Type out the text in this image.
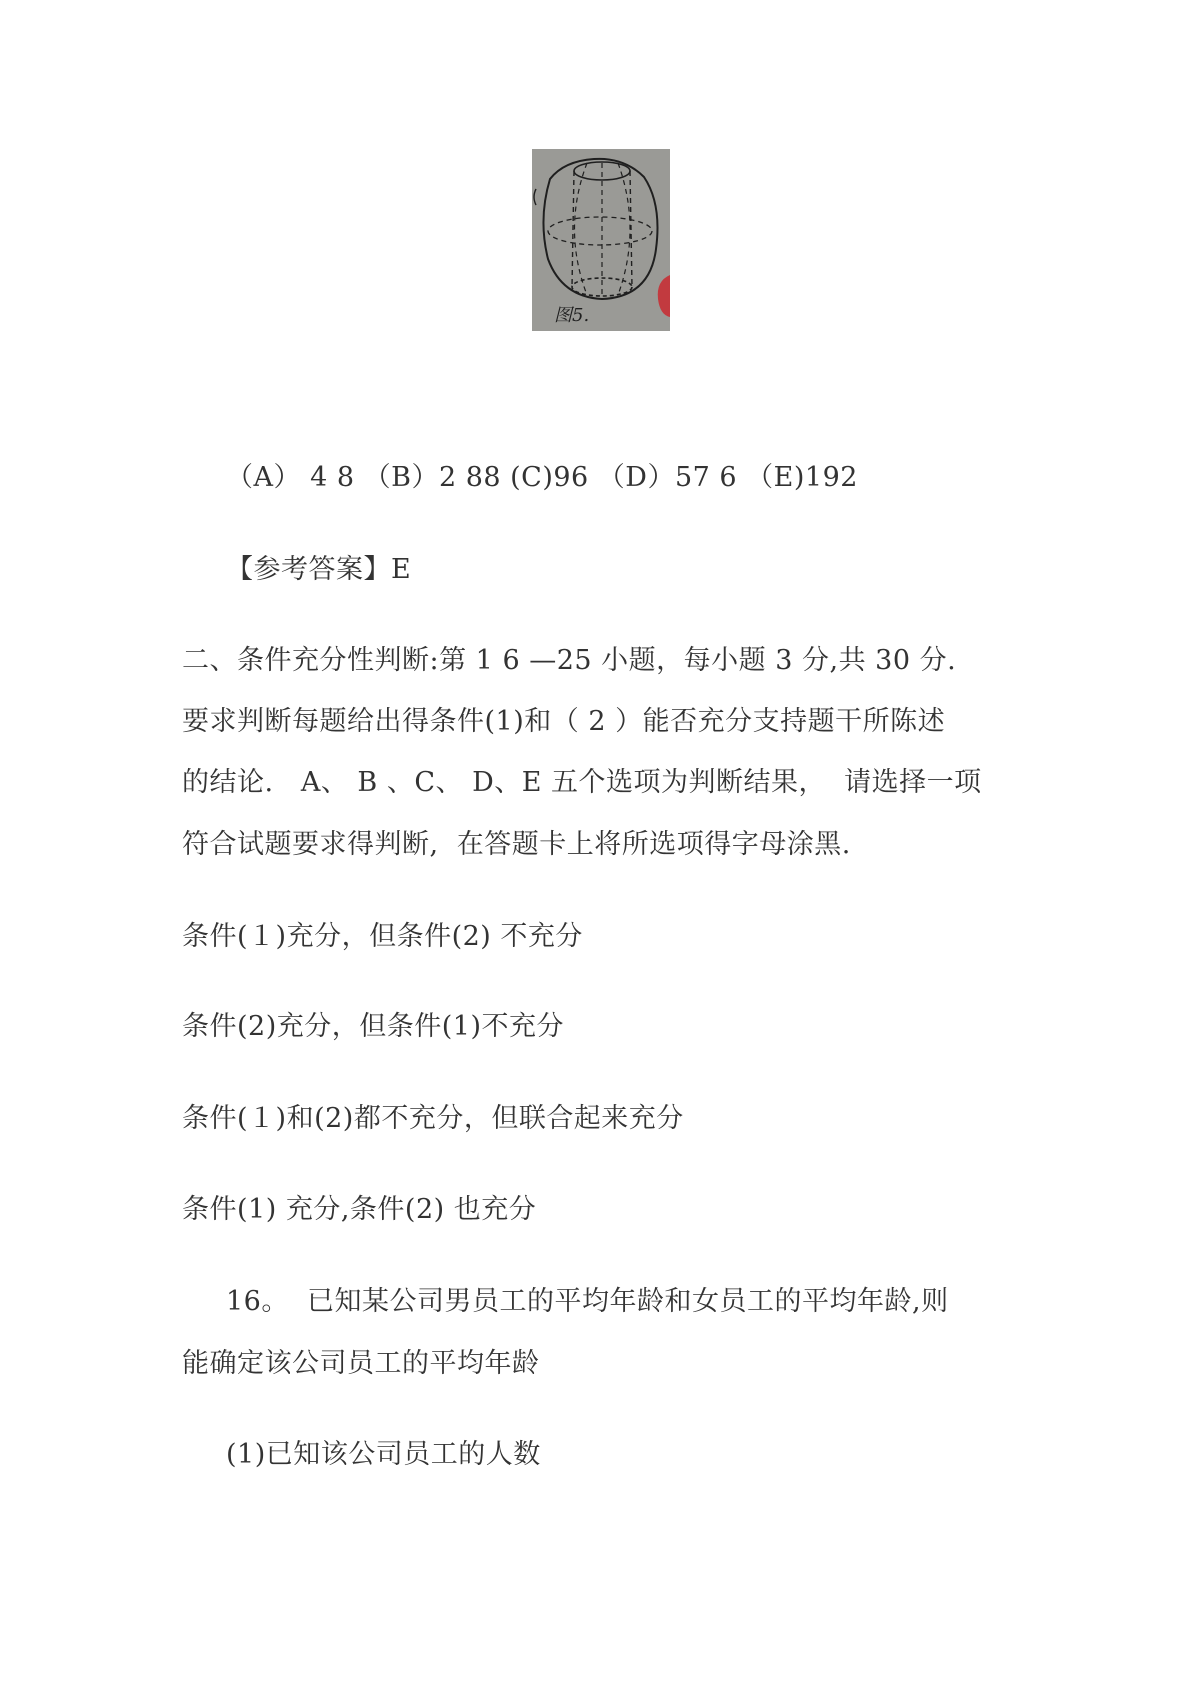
图5.
（A） 4 8 （B）2 88 (C)96 （D）57 6 （E)192
【参考答案】E
二、条件充分性判断:第 1 6 —25 小题，每小题 3 分,共 30 分.
要求判断每题给出得条件(1)和（ 2 ）能否充分支持题干所陈述
的结论.   A、 B 、C、 D、E 五个选项为判断结果，  请选择一项
符合试题要求得判断,  在答题卡上将所选项得字母涂黑.
条件(１)充分，但条件(2) 不充分
条件(2)充分，但条件(1)不充分
条件(１)和(2)都不充分，但联合起来充分
条件(1) 充分,条件(2) 也充分
16。  已知某公司男员工的平均年龄和女员工的平均年龄,则
能确定该公司员工的平均年龄
(1)已知该公司员工的人数
